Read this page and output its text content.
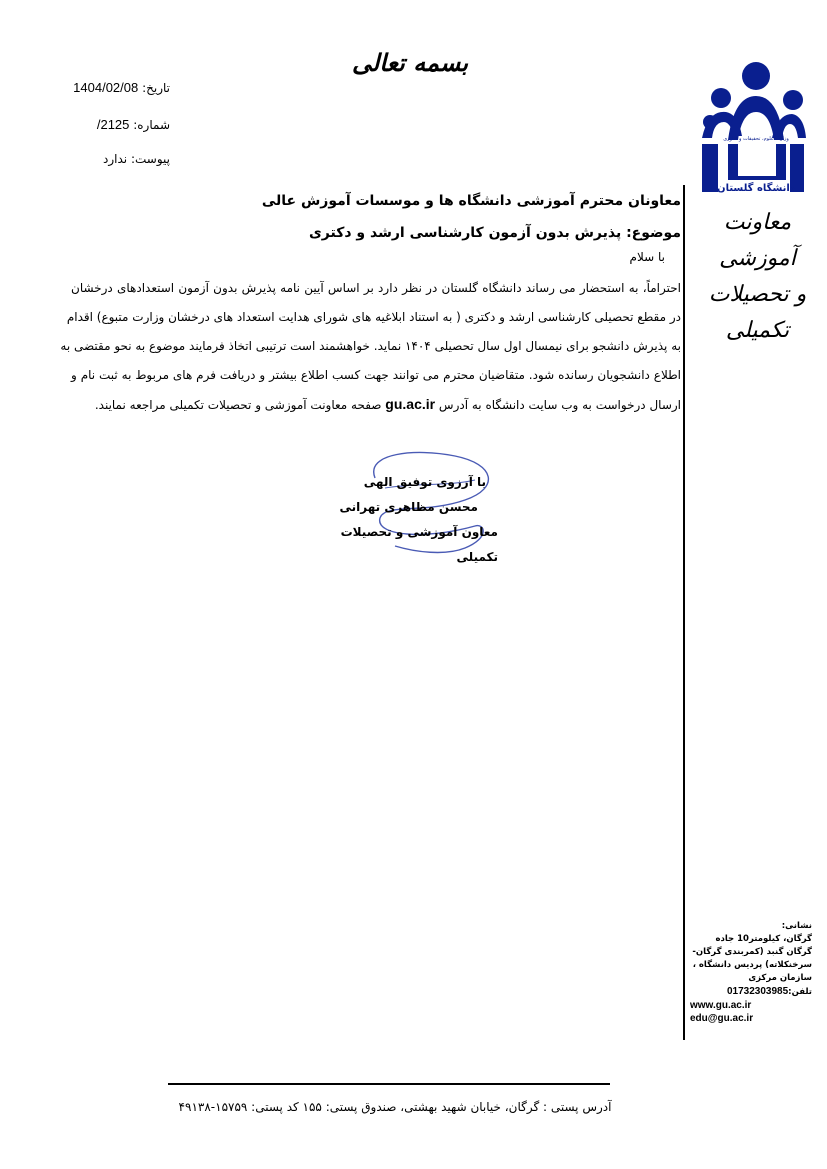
بسمه تعالی
تاریخ: 1404/02/08
شماره: 2125/
پیوست: ندارد
وزارت علوم، تحقیقات و فناوری
دانشگاه گلستان
معاونت آموزشی
و تحصیلات تکمیلی
معاونان محترم آموزشی دانشگاه ها و موسسات آموزش عالی
موضوع: پذیرش بدون آزمون کارشناسی ارشد و دکتری
با سلام
احتراماً، به استحضار می رساند دانشگاه گلستان در نظر دارد بر اساس آیین نامه پذیرش بدون آزمون استعدادهای درخشان
در مقطع تحصیلی کارشناسی ارشد و دکتری ( به استناد ابلاغیه های شورای هدایت استعداد های درخشان وزارت متبوع) اقدام
به پذیرش دانشجو برای نیمسال اول سال تحصیلی ۱۴۰۴ نماید. خواهشمند است ترتیبی اتخاذ فرمایند موضوع به نحو مقتضی به
اطلاع دانشجویان رسانده شود. متقاضیان محترم می توانند جهت کسب اطلاع بیشتر و دریافت فرم های مربوط به ثبت نام و
ارسال درخواست به وب سایت دانشگاه به آدرس gu.ac.ir صفحه معاونت آموزشی و تحصیلات تکمیلی مراجعه نمایند.
با آرزوی توفیق الهی
محسن مظاهری تهرانی
معاون آموزشی و تحصیلات تکمیلی
نشانی:
گرگان، کیلومتر10 جاده
گرگان گنبد (کمربندی گرگان-
سرخنکلاته) پردیس دانشگاه ،
سازمان مرکزی
تلفن:01732303985
www.gu.ac.ir
edu@gu.ac.ir
آدرس پستی : گرگان، خیابان شهید بهشتی، صندوق پستی: ۱۵۵ کد پستی: ۱۵۷۵۹-۴۹۱۳۸
